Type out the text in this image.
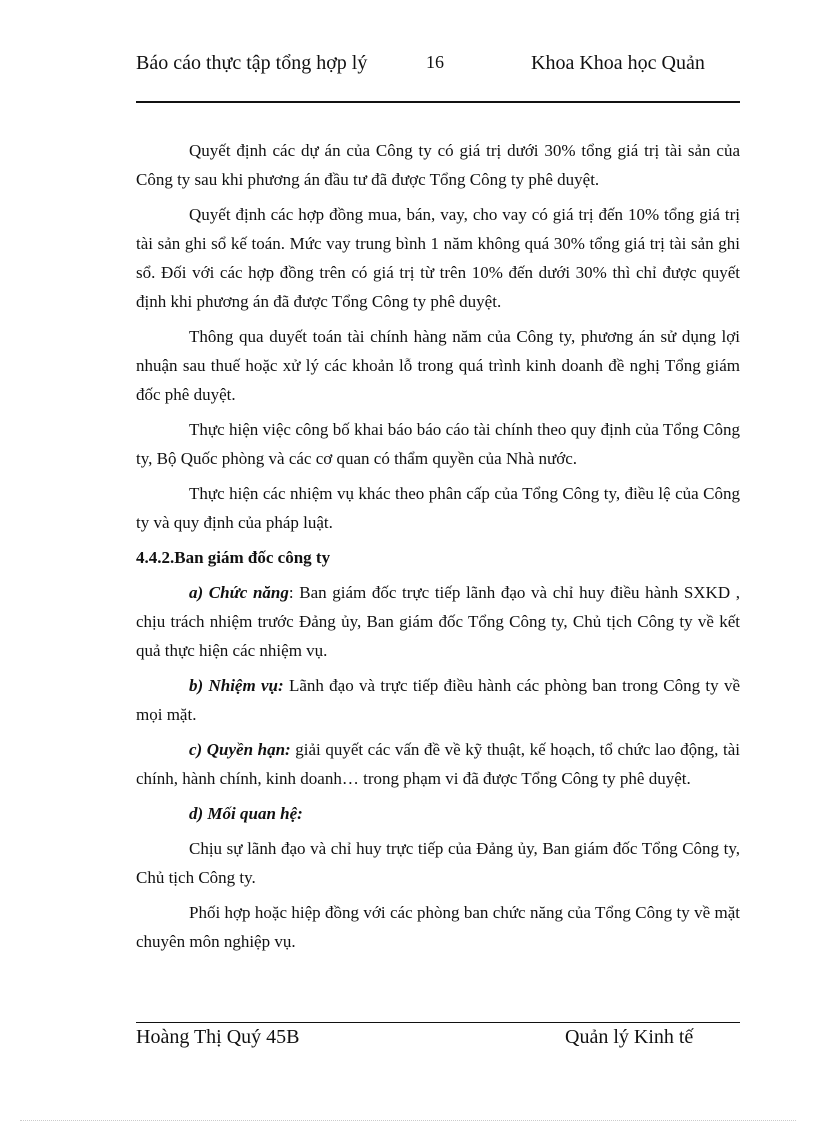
Báo cáo thực tập tổng hợp lý	16	Khoa Khoa học Quản

Quyết định các dự án của Công ty có giá trị dưới 30% tổng giá trị tài sản của Công ty sau khi phương án đầu tư đã được Tổng Công ty phê duyệt.

Quyết định các hợp đồng mua, bán, vay, cho vay có giá trị đến 10% tổng giá trị tài sản ghi sổ kế toán. Mức vay trung bình 1 năm không quá 30% tổng giá trị tài sản ghi sổ. Đối với các hợp đồng trên có giá trị từ trên 10% đến dưới 30% thì chỉ được quyết định khi phương án đã được Tổng Công ty phê duyệt.

Thông qua duyết toán tài chính hàng năm của Công ty, phương án sử dụng lợi nhuận sau thuế hoặc xử lý các khoản lỗ trong quá trình kinh doanh đề nghị Tổng giám đốc phê duyệt.

Thực hiện việc công bố khai báo báo cáo tài chính theo quy định của Tổng Công ty, Bộ Quốc phòng và các cơ quan có thẩm quyền của Nhà nước.

Thực hiện các nhiệm vụ khác theo phân cấp của Tổng Công ty, điều lệ của Công ty và quy định của pháp luật.

4.4.2.Ban giám đốc công ty

a) Chức năng: Ban giám đốc trực tiếp lãnh đạo và chỉ huy điều hành SXKD , chịu trách nhiệm trước Đảng ủy, Ban giám đốc Tổng Công ty, Chủ tịch Công ty về kết quả thực hiện các nhiệm vụ.

b) Nhiệm vụ: Lãnh đạo và trực tiếp điều hành các phòng ban trong Công ty về mọi mặt.

c) Quyền hạn: giải quyết các vấn đề về kỹ thuật, kế hoạch, tổ chức lao động, tài chính, hành chính, kinh doanh… trong phạm vi đã được Tổng Công ty phê duyệt.

d) Mối quan hệ:

Chịu sự lãnh đạo và chỉ huy trực tiếp của Đảng ủy, Ban giám đốc Tổng Công ty, Chủ tịch Công ty.

Phối hợp hoặc hiệp đồng với các phòng ban chức năng của Tổng Công ty về mặt chuyên môn nghiệp vụ.

Hoàng Thị Quý 45B	Quản lý Kinh tế
